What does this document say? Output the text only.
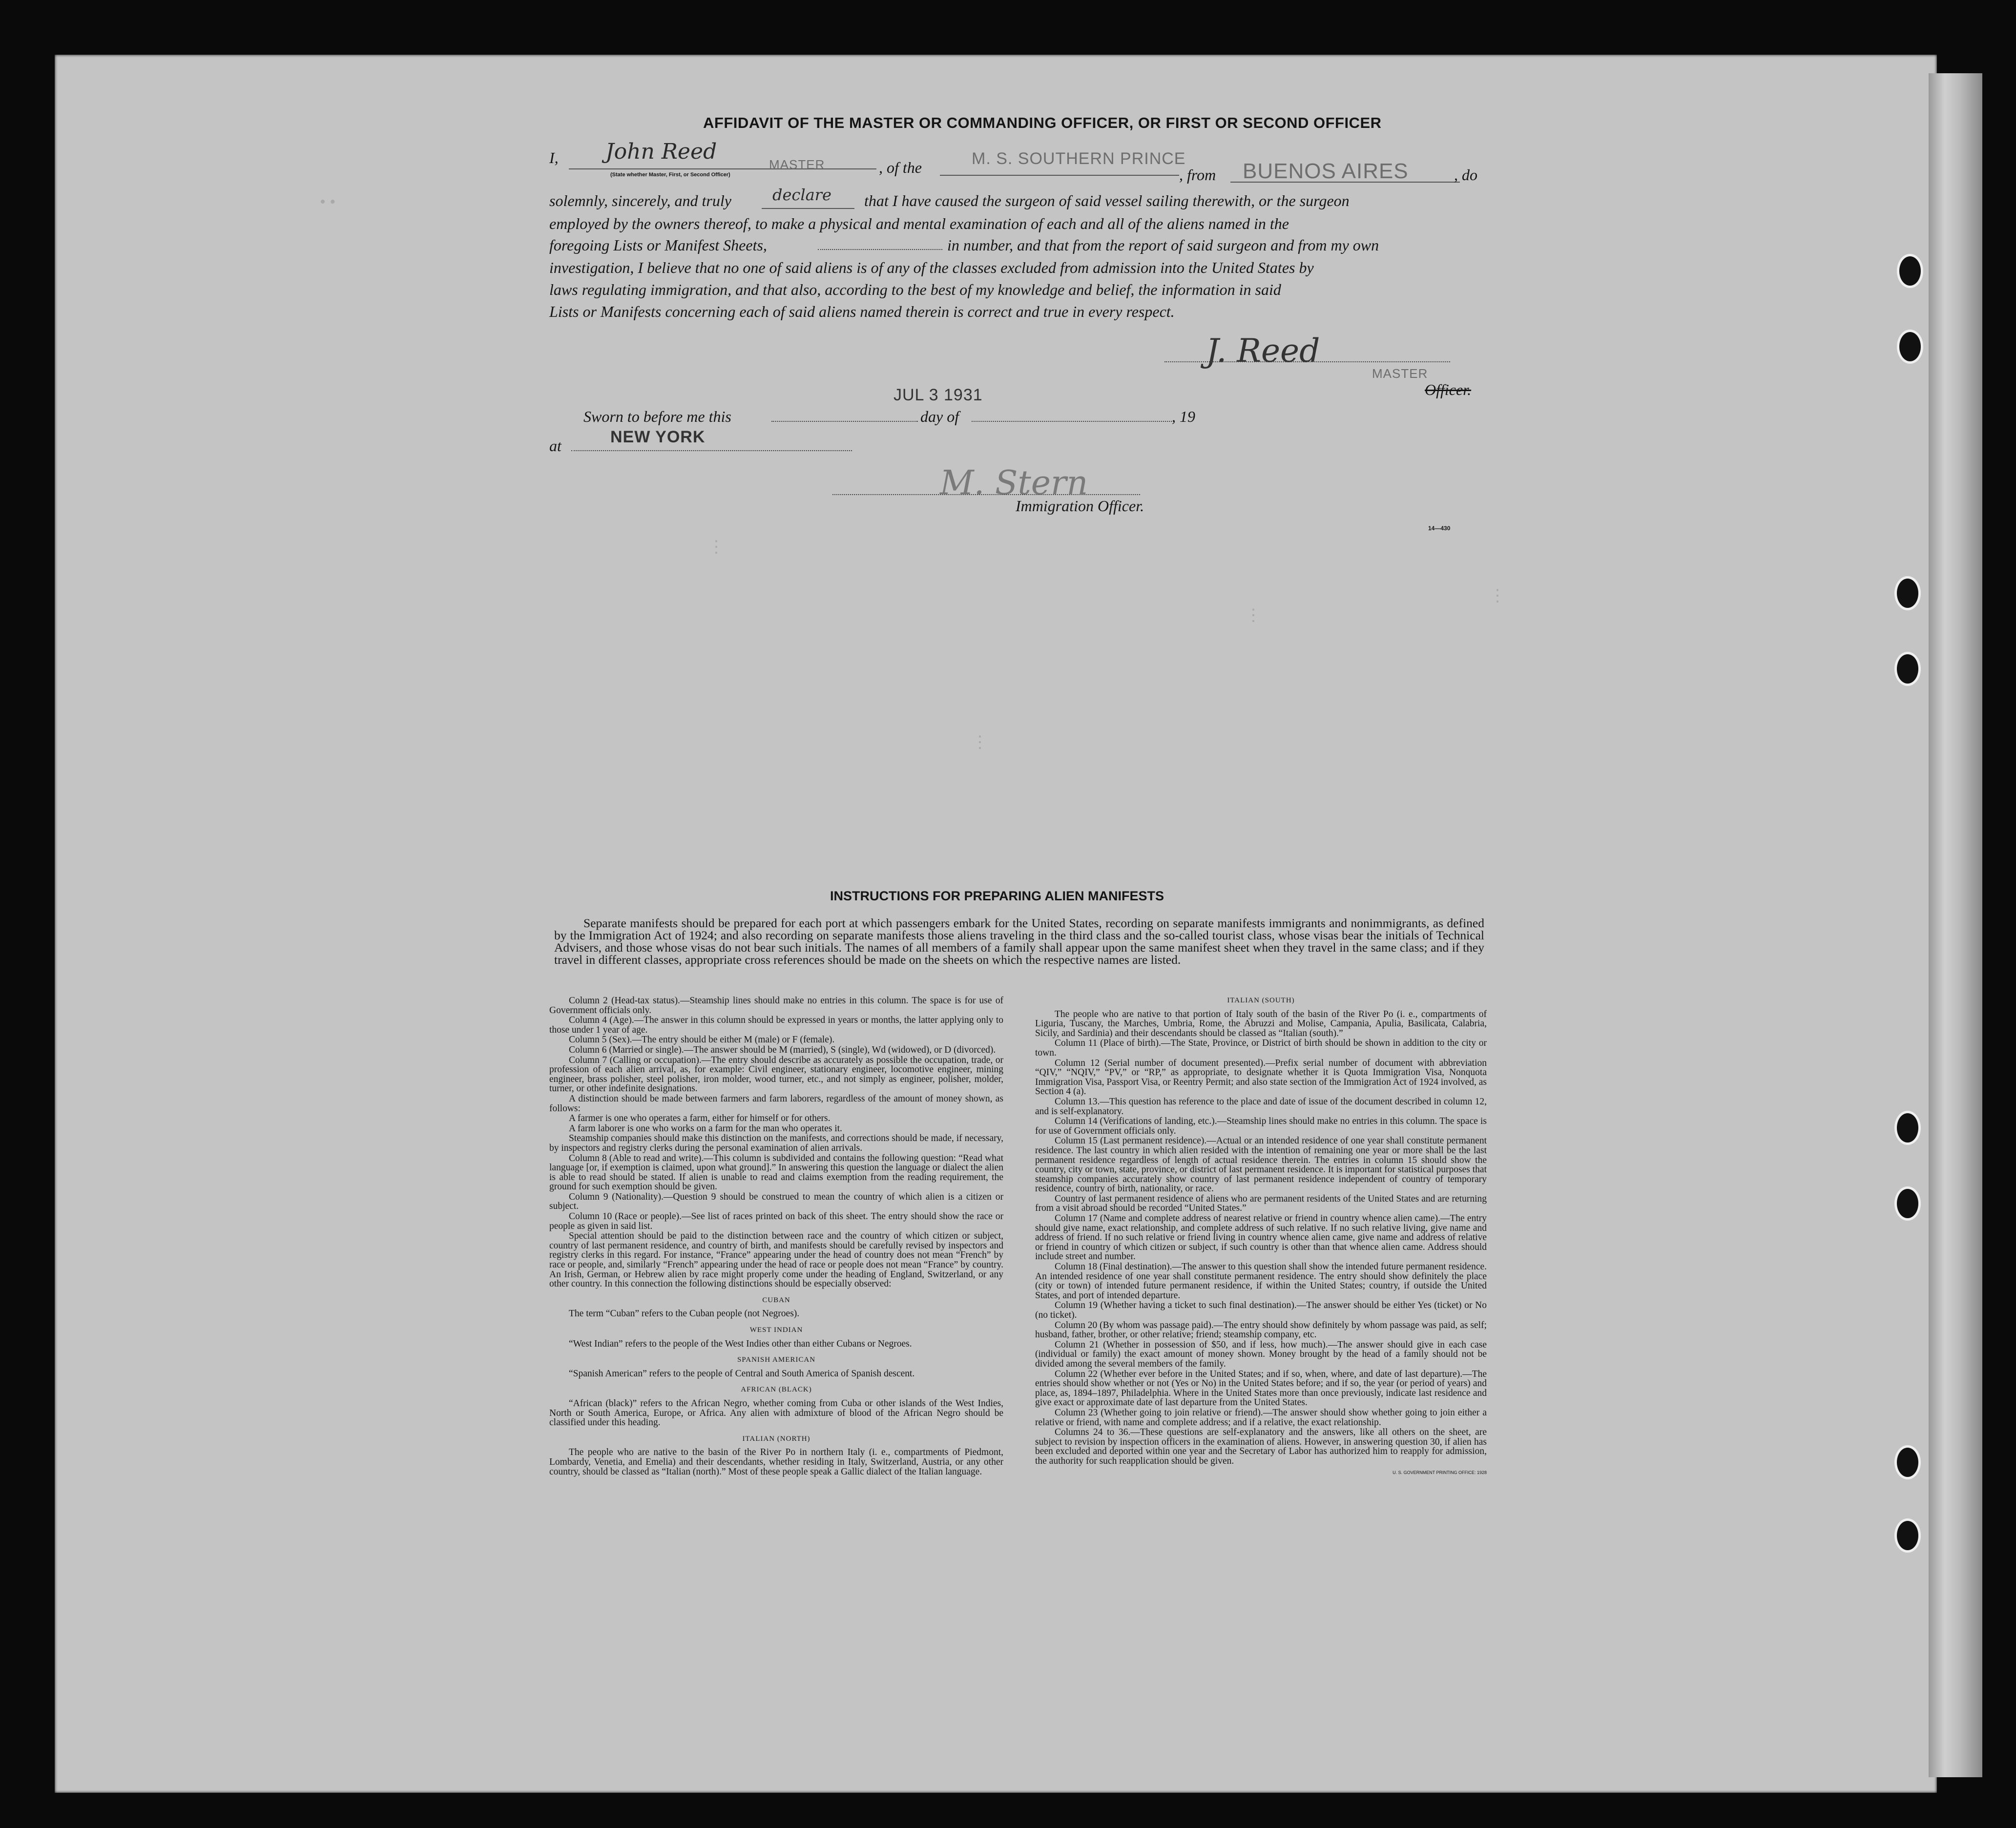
• •
⋮
⋮
⋮
⋮
AFFIDAVIT OF THE MASTER OR COMMANDING OFFICER, OR FIRST OR SECOND OFFICER
I, John Reed
MASTER
(State whether Master, First, or Second Officer)	, of the	M. S. SOUTHERN PRINCE
, from BUENOS AIRES	, do
solemnly, sincerely, and truly	declare that I have caused the surgeon of said vessel sailing therewith, or the surgeon
employed by the owners thereof, to make a physical and mental examination of each and all of the aliens named in the
foregoing Lists or Manifest Sheets,	in number, and that from the report of said surgeon and from my own
investigation, I believe that no one of said aliens is of any of the classes excluded from admission into the United States by
laws regulating immigration, and that also, according to the best of my knowledge and belief, the information in said
Lists or Manifests concerning each of said aliens named therein is correct and true in every respect.
J. Reed
MASTER
Officer.
JUL 3 1931
Sworn to before me this	day of	, 19
at	NEW YORK
M. Stern
Immigration Officer.
14—430
INSTRUCTIONS FOR PREPARING ALIEN MANIFESTS
Separate manifests should be prepared for each port at which passengers embark for the United States, recording on separate manifests immigrants and nonimmigrants, as defined by the Immigration Act of 1924; and also recording on separate manifests those aliens traveling in the third class and the so-called tourist class, whose visas bear the initials of Technical Advisers, and those whose visas do not bear such initials. The names of all members of a family shall appear upon the same manifest sheet when they travel in the same class; and if they travel in different classes, appropriate cross references should be made on the sheets on which the respective names are listed.

Column 2 (Head-tax status).—Steamship lines should make no entries in this column. The space is for use of Government officials only.

Column 4 (Age).—The answer in this column should be expressed in years or months, the latter applying only to those under 1 year of age.

Column 5 (Sex).—The entry should be either M (male) or F (female).

Column 6 (Married or single).—The answer should be M (married), S (single), Wd (widowed), or D (divorced).

Column 7 (Calling or occupation).—The entry should describe as accurately as possible the occupation, trade, or profession of each alien arrival, as, for example: Civil engineer, stationary engineer, locomotive engineer, mining engineer, brass polisher, steel polisher, iron molder, wood turner, etc., and not simply as engineer, polisher, molder, turner, or other indefinite designations.

A distinction should be made between farmers and farm laborers, regardless of the amount of money shown, as follows:

A farmer is one who operates a farm, either for himself or for others.

A farm laborer is one who works on a farm for the man who operates it.

Steamship companies should make this distinction on the manifests, and corrections should be made, if necessary, by inspectors and registry clerks during the personal examination of alien arrivals.

Column 8 (Able to read and write).—This column is subdivided and contains the following question: “Read what language [or, if exemption is claimed, upon what ground].” In answering this question the language or dialect the alien is able to read should be stated. If alien is unable to read and claims exemption from the reading requirement, the ground for such exemption should be given.

Column 9 (Nationality).—Question 9 should be construed to mean the country of which alien is a citizen or subject.

Column 10 (Race or people).—See list of races printed on back of this sheet. The entry should show the race or people as given in said list.

Special attention should be paid to the distinction between race and the country of which citizen or subject, country of last permanent residence, and country of birth, and manifests should be carefully revised by inspectors and registry clerks in this regard. For instance, “France” appearing under the head of country does not mean “French” by race or people, and, similarly “French” appearing under the head of race or people does not mean “France” by country. An Irish, German, or Hebrew alien by race might properly come under the heading of England, Switzerland, or any other country. In this connection the following distinctions should be especially observed:

CUBAN

The term “Cuban” refers to the Cuban people (not Negroes).

WEST INDIAN

“West Indian” refers to the people of the West Indies other than either Cubans or Negroes.

SPANISH AMERICAN

“Spanish American” refers to the people of Central and South America of Spanish descent.

AFRICAN (BLACK)

“African (black)” refers to the African Negro, whether coming from Cuba or other islands of the West Indies, North or South America, Europe, or Africa. Any alien with admixture of blood of the African Negro should be classified under this heading.

ITALIAN (NORTH)

The people who are native to the basin of the River Po in northern Italy (i. e., compartments of Piedmont, Lombardy, Venetia, and Emelia) and their descendants, whether residing in Italy, Switzerland, Austria, or any other country, should be classed as “Italian (north).” Most of these people speak a Gallic dialect of the Italian language.

ITALIAN (SOUTH)

The people who are native to that portion of Italy south of the basin of the River Po (i. e., compartments of Liguria, Tuscany, the Marches, Umbria, Rome, the Abruzzi and Molise, Campania, Apulia, Basilicata, Calabria, Sicily, and Sardinia) and their descendants should be classed as “Italian (south).”

Column 11 (Place of birth).—The State, Province, or District of birth should be shown in addition to the city or town.

Column 12 (Serial number of document presented).—Prefix serial number of document with abbreviation “QIV,” “NQIV,” “PV,” or “RP,” as appropriate, to designate whether it is Quota Immigration Visa, Nonquota Immigration Visa, Passport Visa, or Reentry Permit; and also state section of the Immigration Act of 1924 involved, as Section 4 (a).

Column 13.—This question has reference to the place and date of issue of the document described in column 12, and is self-explanatory.

Column 14 (Verifications of landing, etc.).—Steamship lines should make no entries in this column. The space is for use of Government officials only.

Column 15 (Last permanent residence).—Actual or an intended residence of one year shall constitute permanent residence. The last country in which alien resided with the intention of remaining one year or more shall be the last permanent residence regardless of length of actual residence therein. The entries in column 15 should show the country, city or town, state, province, or district of last permanent residence. It is important for statistical purposes that steamship companies accurately show country of last permanent residence independent of country of temporary residence, country of birth, nationality, or race.

Country of last permanent residence of aliens who are permanent residents of the United States and are returning from a visit abroad should be recorded “United States.”

Column 17 (Name and complete address of nearest relative or friend in country whence alien came).—The entry should give name, exact relationship, and complete address of such relative. If no such relative living, give name and address of friend. If no such relative or friend living in country whence alien came, give name and address of relative or friend in country of which citizen or subject, if such country is other than that whence alien came. Address should include street and number.

Column 18 (Final destination).—The answer to this question shall show the intended future permanent residence. An intended residence of one year shall constitute permanent residence. The entry should show definitely the place (city or town) of intended future permanent residence, if within the United States; country, if outside the United States, and port of intended departure.

Column 19 (Whether having a ticket to such final destination).—The answer should be either Yes (ticket) or No (no ticket).

Column 20 (By whom was passage paid).—The entry should show definitely by whom passage was paid, as self; husband, father, brother, or other relative; friend; steamship company, etc.

Column 21 (Whether in possession of $50, and if less, how much).—The answer should give in each case (individual or family) the exact amount of money shown. Money brought by the head of a family should not be divided among the several members of the family.

Column 22 (Whether ever before in the United States; and if so, when, where, and date of last departure).—The entries should show whether or not (Yes or No) in the United States before; and if so, the year (or period of years) and place, as, 1894–1897, Philadelphia. Where in the United States more than once previously, indicate last residence and give exact or approximate date of last departure from the United States.

Column 23 (Whether going to join relative or friend).—The answer should show whether going to join either a relative or friend, with name and complete address; and if a relative, the exact relationship.

Columns 24 to 36.—These questions are self-explanatory and the answers, like all others on the sheet, are subject to revision by inspection officers in the examination of aliens. However, in answering question 30, if alien has been excluded and deported within one year and the Secretary of Labor has authorized him to reapply for admission, the authority for such reapplication should be given.

U. S. GOVERNMENT PRINTING OFFICE: 1928
